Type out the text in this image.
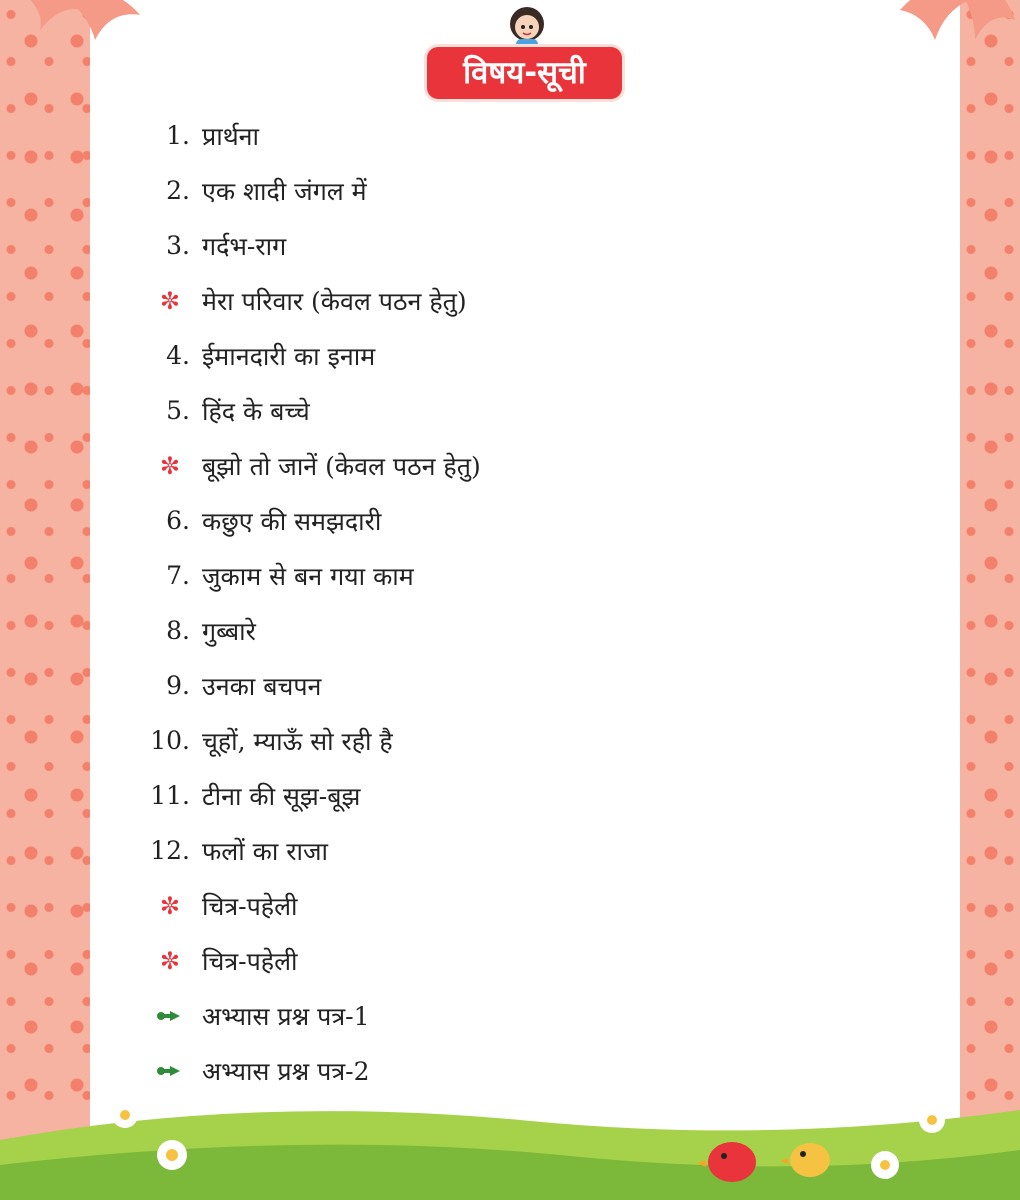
विषय-सूची
1. प्रार्थना
2. एक शादी जंगल में
3. गर्दभ-राग
✼ मेरा परिवार (केवल पठन हेतु)
4. ईमानदारी का इनाम
5. हिंद के बच्चे
✼ बूझो तो जानें (केवल पठन हेतु)
6. कछुए की समझदारी
7. जुकाम से बन गया काम
8. गुब्बारे
9. उनका बचपन
10. चूहों, म्याऊँ सो रही है
11. टीना की सूझ-बूझ
12. फलों का राजा
✼ चित्र-पहेली
✼ चित्र-पहेली
अभ्यास प्रश्न पत्र-1
अभ्यास प्रश्न पत्र-2
